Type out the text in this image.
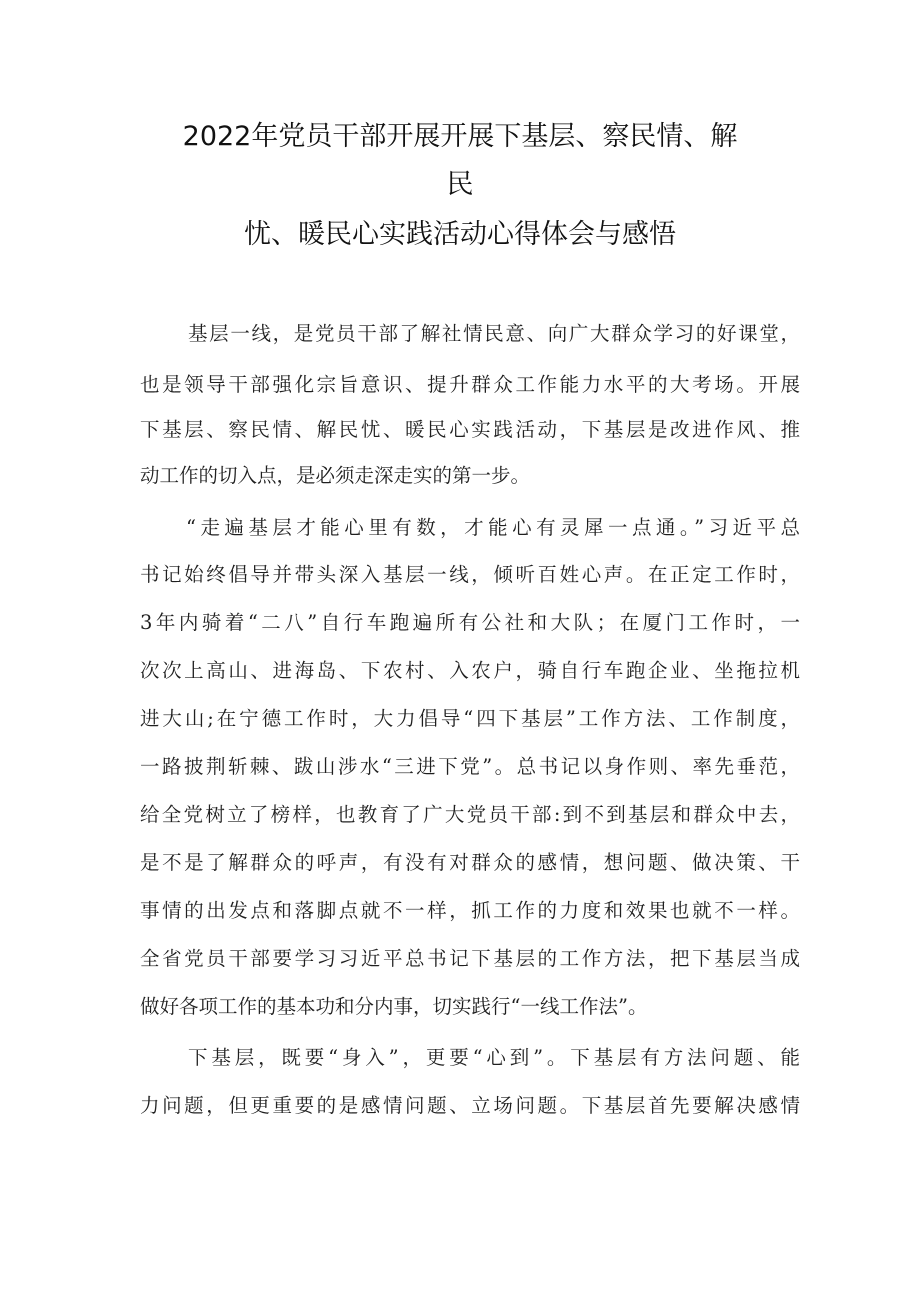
2022年党员干部开展开展下基层、察民情、解
民
忧、暖民心实践活动心得体会与感悟
基层一线，是党员干部了解社情民意、向广大群众学习的好课堂，
也是领导干部强化宗旨意识、提升群众工作能力水平的大考场。开展
下基层、察民情、解民忧、暖民心实践活动，下基层是改进作风、推
动工作的切入点，是必须走深走实的第一步。
“走遍基层才能心里有数，才能心有灵犀一点通。”习近平总
书记始终倡导并带头深入基层一线，倾听百姓心声。在正定工作时，
3年内骑着“二八”自行车跑遍所有公社和大队；在厦门工作时，一
次次上高山、进海岛、下农村、入农户，骑自行车跑企业、坐拖拉机
进大山;在宁德工作时，大力倡导“四下基层”工作方法、工作制度，
一路披荆斩棘、跋山涉水“三进下党”。总书记以身作则、率先垂范，
给全党树立了榜样，也教育了广大党员干部:到不到基层和群众中去，
是不是了解群众的呼声，有没有对群众的感情，想问题、做决策、干
事情的出发点和落脚点就不一样，抓工作的力度和效果也就不一样。
全省党员干部要学习习近平总书记下基层的工作方法，把下基层当成
做好各项工作的基本功和分内事，切实践行“一线工作法”。
下基层，既要“身入”，更要“心到”。下基层有方法问题、能
力问题，但更重要的是感情问题、立场问题。下基层首先要解决感情
